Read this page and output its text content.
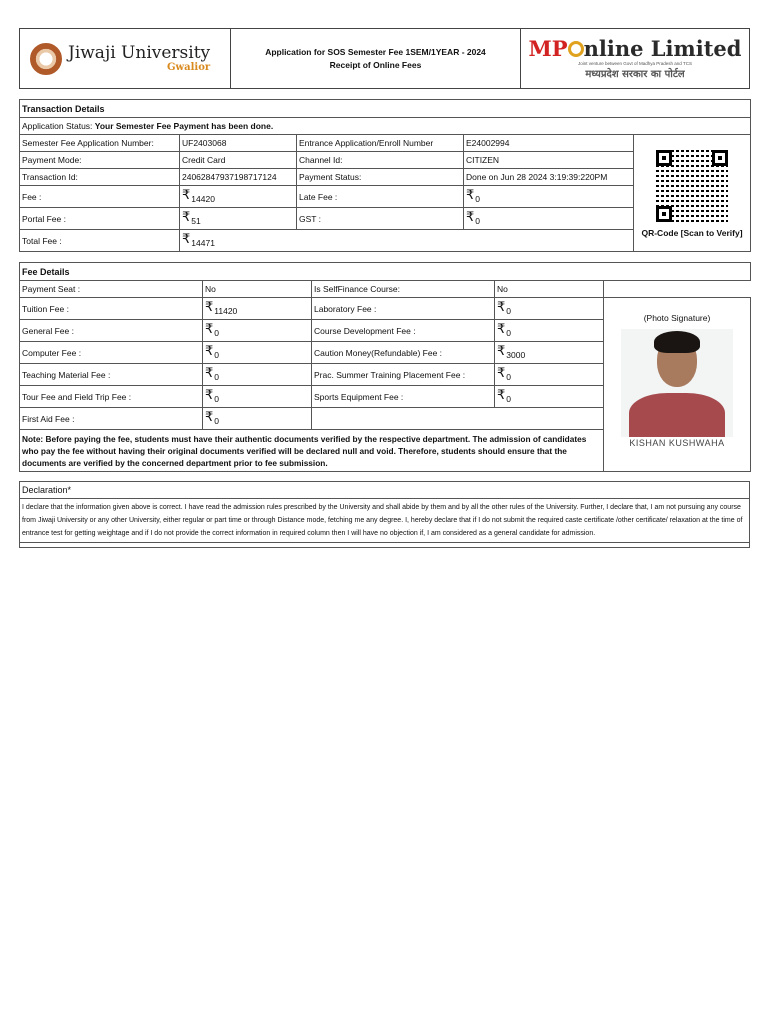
Jiwaji University
Gwalior
Application for SOS Semester Fee 1SEM/1YEAR - 2024
Receipt of Online Fees
MP nline Limited
Joint venture between Govt of Madhya Pradesh and TCS
मध्यप्रदेश सरकार का पोर्टल
Transaction Details				
Application Status: Your Semester Fee Payment has been done.				
Semester Fee Application Number:	UF2403068	Entrance Application/Enroll Number	E24002994	QR-Code [Scan to Verify]

Payment Mode:	Credit Card	Channel Id:	CITIZEN	
Transaction Id:	24062847937198717124	Payment Status:	Done on Jun 28 2024 3:19:39:220PM	
Fee :	₹14420	Late Fee :	₹0	
Portal Fee :	₹51	GST :	₹0	
Total Fee :	₹14471			
Fee Details				
Payment Seat :	No	Is SelfFinance Course:	No	
Tuition Fee :	₹11420	Laboratory Fee :	₹0	(Photo Signature)
KISHAN KUSHWAHA

General Fee :	₹0	Course Development Fee :	₹0	
Computer Fee :	₹0	Caution Money(Refundable) Fee :	₹3000	
Teaching Material Fee :	₹0	Prac. Summer Training Placement Fee :	₹0	
Tour Fee and Field Trip Fee :	₹0	Sports Equipment Fee :	₹0	
First Aid Fee :	₹0			
Note: Before paying the fee, students must have their authentic documents verified by the respective department. The admission of candidates who pay the fee without having their original documents verified will be declared null and void. Therefore, students should ensure that the documents are verified by the concerned department prior to fee submission.				
Declaration*
I declare that the information given above is correct. I have read the admission rules prescribed by the University and shall abide by them and by all the other rules of the University. Further, I declare that, I am not pursuing any course from Jiwaji University or any other University, either regular or part time or through Distance mode, fetching me any degree. I, hereby declare that if I do not submit the required caste certificate /other certificate/ relaxation at the time of entrance test for getting weightage and if I do not provide the correct information in required column then I will have no objection if, I am considered as a general candidate for admission.
